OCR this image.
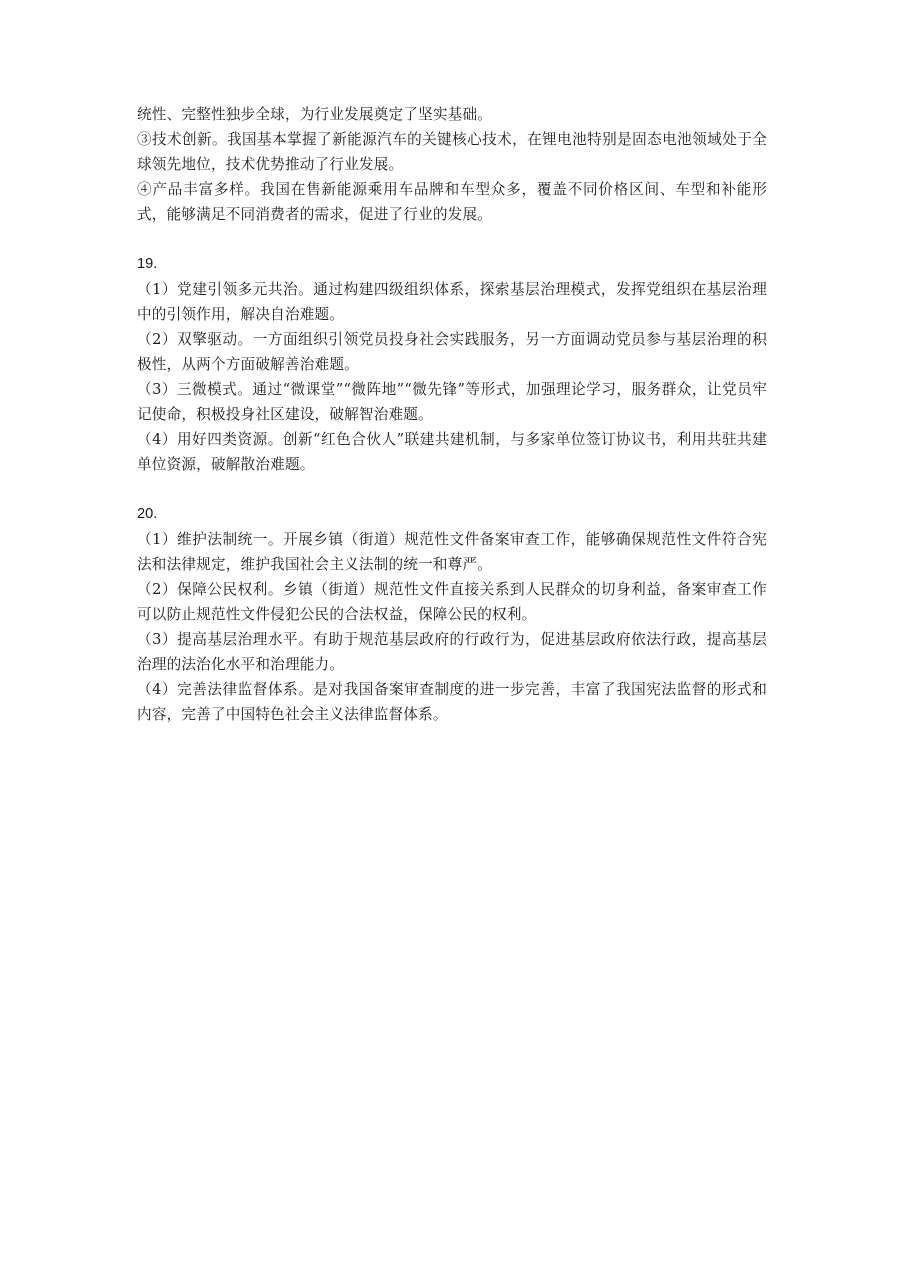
统性、完整性独步全球，为行业发展奠定了坚实基础。

③技术创新。我国基本掌握了新能源汽车的关键核心技术，在锂电池特别是固态电池领域处于全球领先地位，技术优势推动了行业发展。

④产品丰富多样。我国在售新能源乘用车品牌和车型众多，覆盖不同价格区间、车型和补能形式，能够满足不同消费者的需求，促进了行业的发展。

19.

（1）党建引领多元共治。通过构建四级组织体系，探索基层治理模式，发挥党组织在基层治理中的引领作用，解决自治难题。

（2）双擎驱动。一方面组织引领党员投身社会实践服务，另一方面调动党员参与基层治理的积极性，从两个方面破解善治难题。

（3）三微模式。通过“微课堂”“微阵地”“微先锋”等形式，加强理论学习，服务群众，让党员牢记使命，积极投身社区建设，破解智治难题。

（4）用好四类资源。创新“红色合伙人”联建共建机制，与多家单位签订协议书，利用共驻共建单位资源，破解散治难题。

20.

（1）维护法制统一。开展乡镇（街道）规范性文件备案审查工作，能够确保规范性文件符合宪法和法律规定，维护我国社会主义法制的统一和尊严。

（2）保障公民权利。乡镇（街道）规范性文件直接关系到人民群众的切身利益，备案审查工作可以防止规范性文件侵犯公民的合法权益，保障公民的权利。

（3）提高基层治理水平。有助于规范基层政府的行政行为，促进基层政府依法行政，提高基层治理的法治化水平和治理能力。

（4）完善法律监督体系。是对我国备案审查制度的进一步完善，丰富了我国宪法监督的形式和内容，完善了中国特色社会主义法律监督体系。
